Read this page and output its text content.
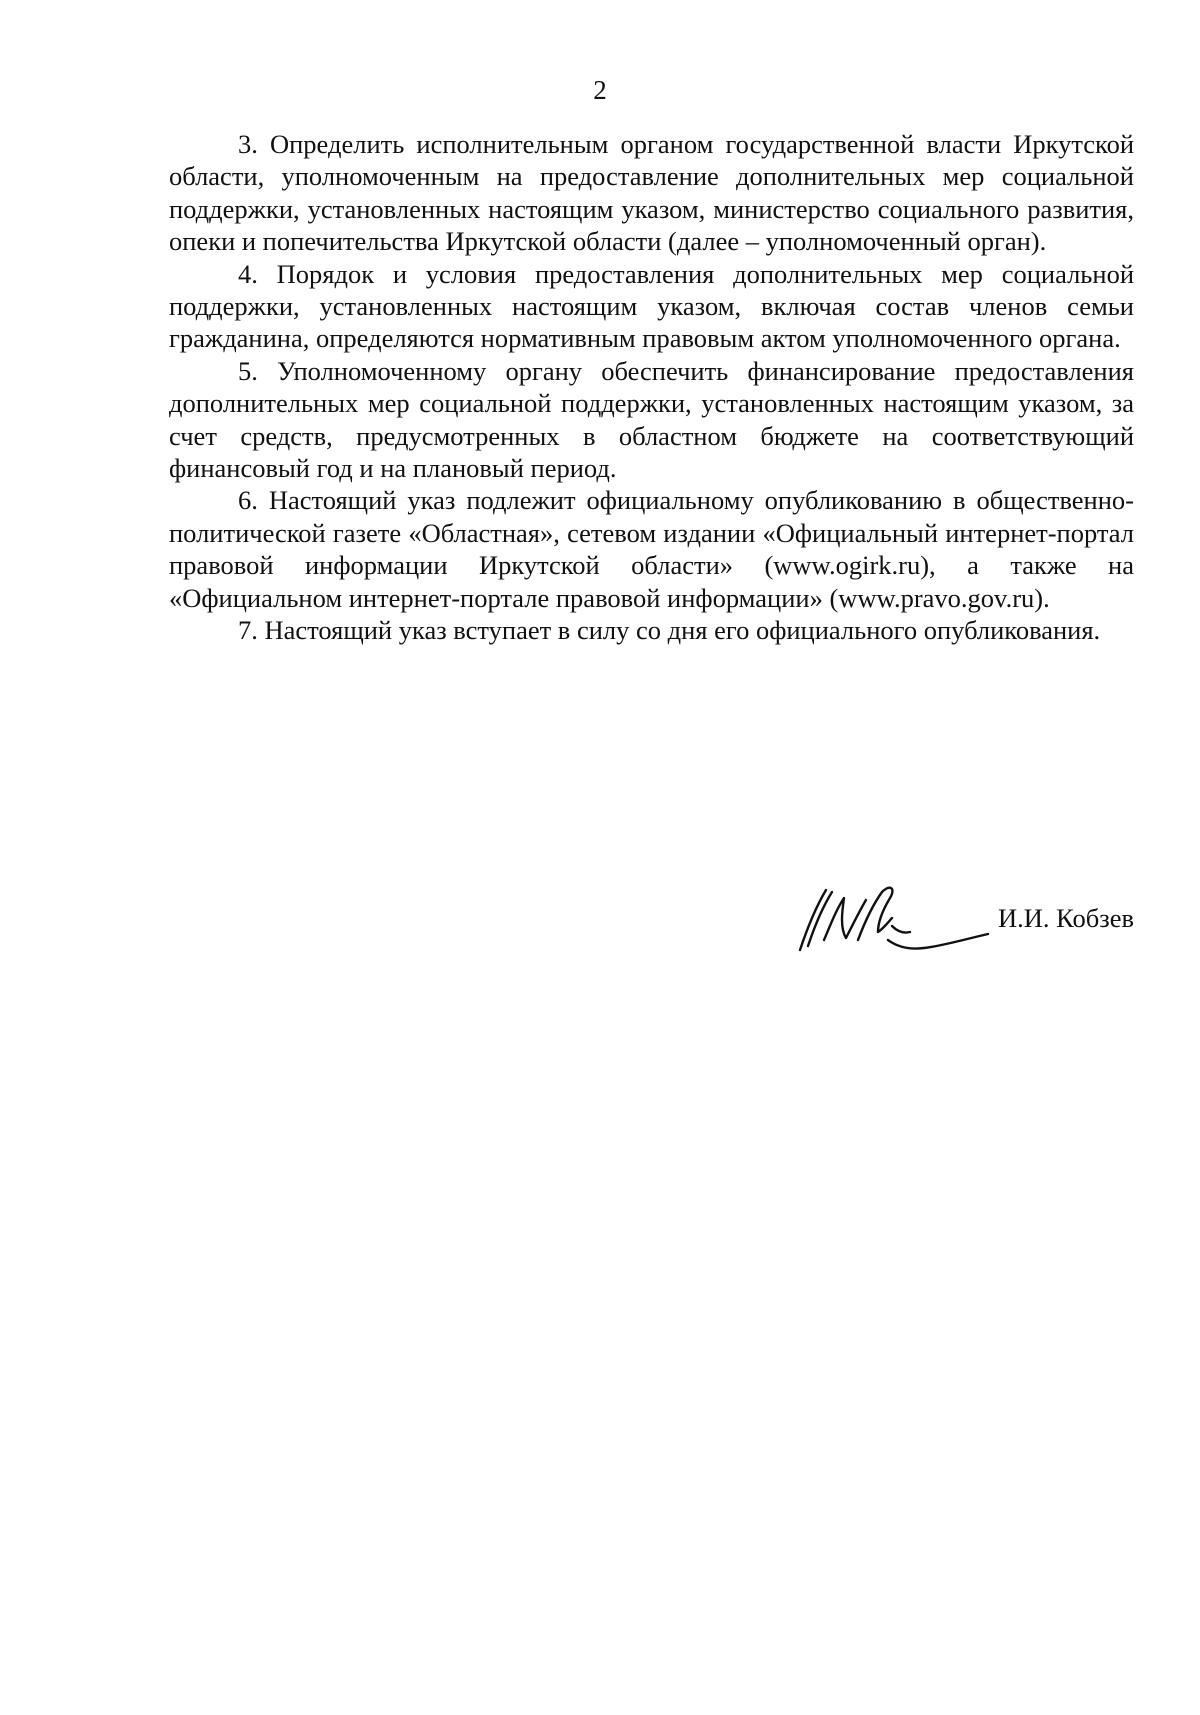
2

3. Определить исполнительным органом государственной власти Иркутской области, уполномоченным на предоставление дополнительных мер социальной поддержки, установленных настоящим указом, министерство социального развития, опеки и попечительства Иркутской области (далее – уполномоченный орган).

4. Порядок и условия предоставления дополнительных мер социальной поддержки, установленных настоящим указом, включая состав членов семьи гражданина, определяются нормативным правовым актом уполномоченного органа.

5. Уполномоченному органу обеспечить финансирование предоставления дополнительных мер социальной поддержки, установленных настоящим указом, за счет средств, предусмотренных в областном бюджете на соответствующий финансовый год и на плановый период.

6. Настоящий указ подлежит официальному опубликованию в общественно-политической газете «Областная», сетевом издании «Официальный интернет-портал правовой информации Иркутской области» (www.ogirk.ru), а также на «Официальном интернет-портале правовой информации» (www.pravo.gov.ru).

7. Настоящий указ вступает в силу со дня его официального опубликования.

И.И. Кобзев
